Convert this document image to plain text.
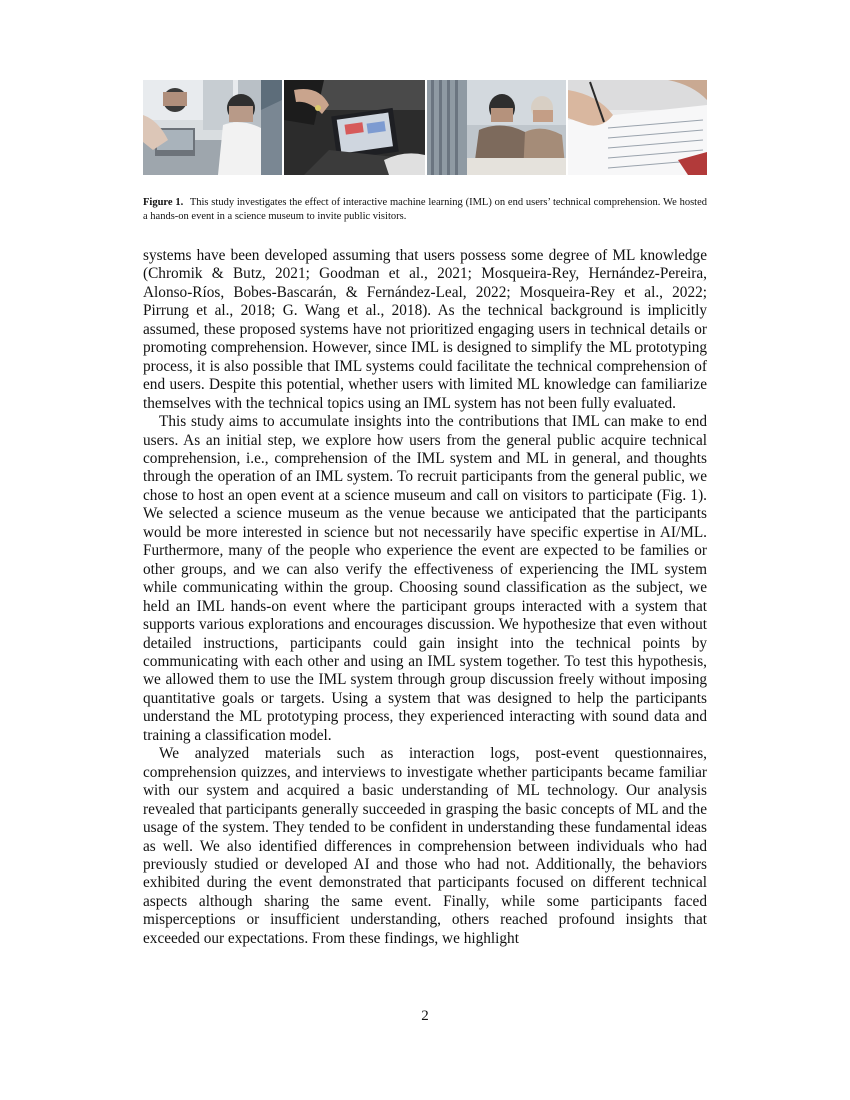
Figure 1. This study investigates the effect of interactive machine learning (IML) on end users’ technical comprehension. We hosted a hands-on event in a science museum to invite public visitors.

systems have been developed assuming that users possess some degree of ML knowledge (Chromik & Butz, 2021; Goodman et al., 2021; Mosqueira-Rey, Hernández-Pereira, Alonso-Ríos, Bobes-Bascarán, & Fernández-Leal, 2022; Mosqueira-Rey et al., 2022; Pirrung et al., 2018; G. Wang et al., 2018). As the technical background is implicitly assumed, these proposed systems have not prioritized engaging users in technical details or promoting comprehension. However, since IML is designed to simplify the ML prototyping process, it is also possible that IML systems could facilitate the technical comprehension of end users. Despite this potential, whether users with limited ML knowledge can familiarize themselves with the technical topics using an IML system has not been fully evaluated.

This study aims to accumulate insights into the contributions that IML can make to end users. As an initial step, we explore how users from the general public acquire technical comprehension, i.e., comprehension of the IML system and ML in general, and thoughts through the operation of an IML system. To recruit participants from the general public, we chose to host an open event at a science museum and call on visitors to participate (Fig. 1). We selected a science museum as the venue because we anticipated that the participants would be more interested in science but not necessarily have specific expertise in AI/ML. Furthermore, many of the people who experience the event are expected to be families or other groups, and we can also verify the effectiveness of experiencing the IML system while communicating within the group. Choosing sound classification as the subject, we held an IML hands-on event where the participant groups interacted with a system that supports various explorations and encourages discussion. We hypothesize that even without detailed instructions, participants could gain insight into the technical points by communicating with each other and using an IML system together. To test this hypothesis, we allowed them to use the IML system through group discussion freely without imposing quantitative goals or targets. Using a system that was designed to help the participants understand the ML prototyping process, they experienced interacting with sound data and training a classification model.

We analyzed materials such as interaction logs, post-event questionnaires, comprehension quizzes, and interviews to investigate whether participants became familiar with our system and acquired a basic understanding of ML technology. Our analysis revealed that participants generally succeeded in grasping the basic concepts of ML and the usage of the system. They tended to be confident in understanding these fundamental ideas as well. We also identified differences in comprehension between individuals who had previously studied or developed AI and those who had not. Additionally, the behaviors exhibited during the event demonstrated that participants focused on different technical aspects although sharing the same event. Finally, while some participants faced misperceptions or insufficient understanding, others reached profound insights that exceeded our expectations. From these findings, we highlight

2
